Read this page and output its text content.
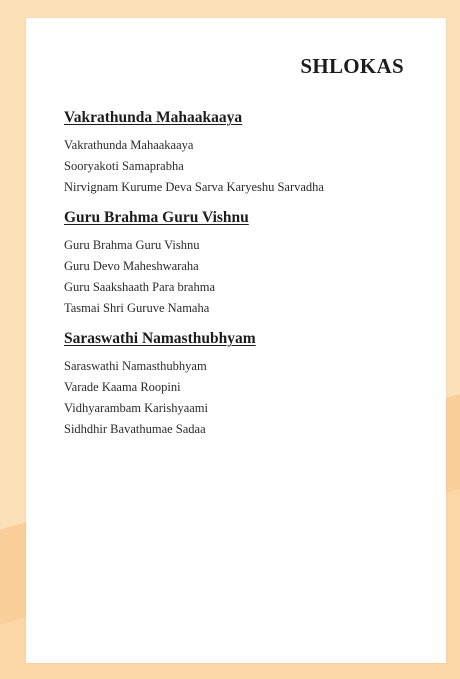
SHLOKAS
Vakrathunda Mahaakaaya

Vakrathunda Mahaakaaya

Sooryakoti Samaprabha

Nirvignam Kurume Deva Sarva Karyeshu Sarvadha

Guru Brahma Guru Vishnu

Guru Brahma Guru Vishnu

Guru Devo Maheshwaraha

Guru Saakshaath Para brahma

Tasmai Shri Guruve Namaha

Saraswathi Namasthubhyam

Saraswathi Namasthubhyam

Varade Kaama Roopini

Vidhyarambam Karishyaami

Sidhdhir Bavathumae Sadaa
